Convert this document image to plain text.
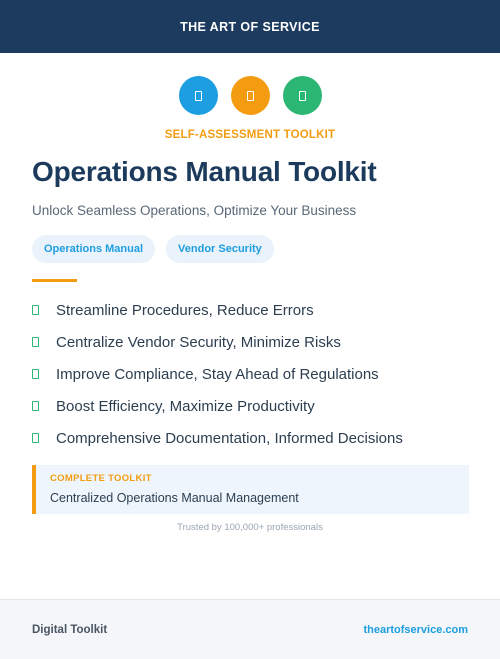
THE ART OF SERVICE
SELF-ASSESSMENT TOOLKIT
Operations Manual Toolkit

Unlock Seamless Operations, Optimize Your Business

Operations Manual	Vendor Security
Streamline Procedures, Reduce Errors
Centralize Vendor Security, Minimize Risks
Improve Compliance, Stay Ahead of Regulations
Boost Efficiency, Maximize Productivity
Comprehensive Documentation, Informed Decisions
COMPLETE TOOLKIT
Centralized Operations Manual Management
Trusted by 100,000+ professionals
Digital Toolkit	theartofservice.com
